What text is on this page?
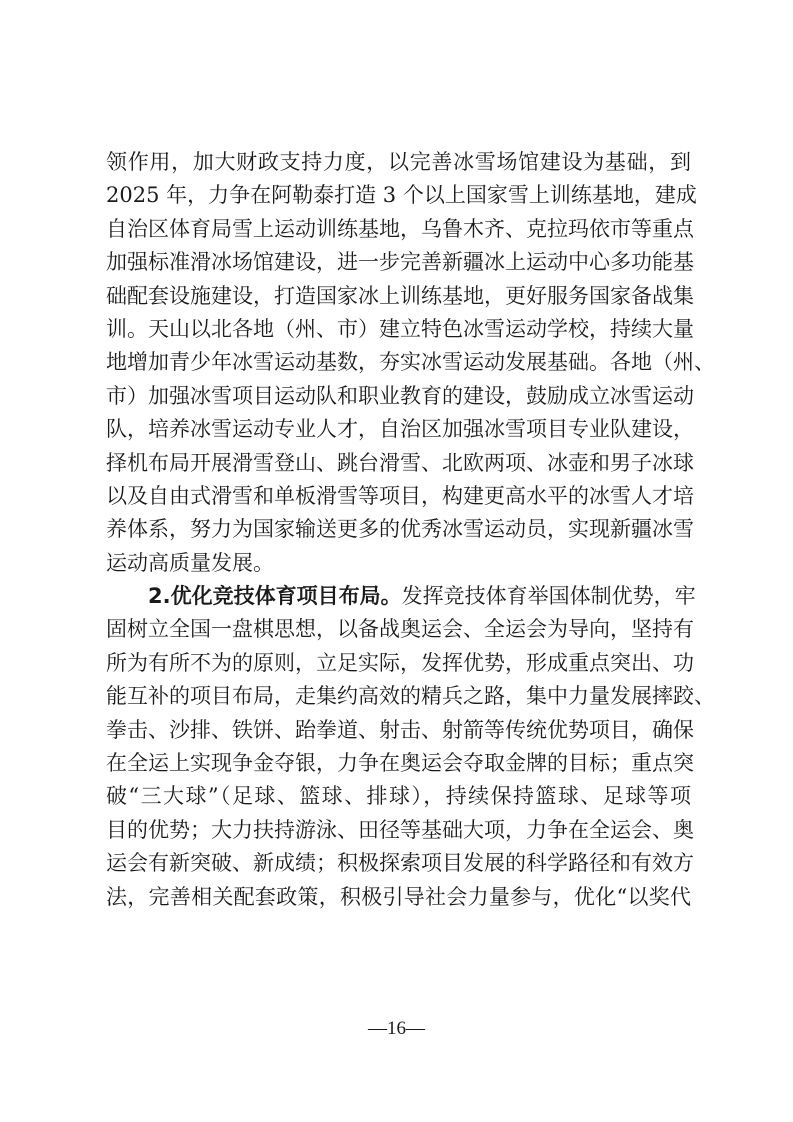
领作用，加大财政支持力度，以完善冰雪场馆建设为基础，到
2025 年，力争在阿勒泰打造 3 个以上国家雪上训练基地，建成
自治区体育局雪上运动训练基地，乌鲁木齐、克拉玛依市等重点
加强标准滑冰场馆建设，进一步完善新疆冰上运动中心多功能基
础配套设施建设，打造国家冰上训练基地，更好服务国家备战集
训。天山以北各地（州、市）建立特色冰雪运动学校，持续大量
地增加青少年冰雪运动基数，夯实冰雪运动发展基础。各地（州、
市）加强冰雪项目运动队和职业教育的建设，鼓励成立冰雪运动
队，培养冰雪运动专业人才，自治区加强冰雪项目专业队建设，
择机布局开展滑雪登山、跳台滑雪、北欧两项、冰壶和男子冰球
以及自由式滑雪和单板滑雪等项目，构建更高水平的冰雪人才培
养体系，努力为国家输送更多的优秀冰雪运动员，实现新疆冰雪
运动高质量发展。
2.优化竞技体育项目布局。发挥竞技体育举国体制优势，牢
固树立全国一盘棋思想，以备战奥运会、全运会为导向，坚持有
所为有所不为的原则，立足实际，发挥优势，形成重点突出、功
能互补的项目布局，走集约高效的精兵之路，集中力量发展摔跤、
拳击、沙排、铁饼、跆拳道、射击、射箭等传统优势项目，确保
在全运上实现争金夺银，力争在奥运会夺取金牌的目标；重点突
破“三大球”（足球、篮球、排球），持续保持篮球、足球等项
目的优势；大力扶持游泳、田径等基础大项，力争在全运会、奥
运会有新突破、新成绩；积极探索项目发展的科学路径和有效方
法，完善相关配套政策，积极引导社会力量参与，优化“以奖代
—16—
